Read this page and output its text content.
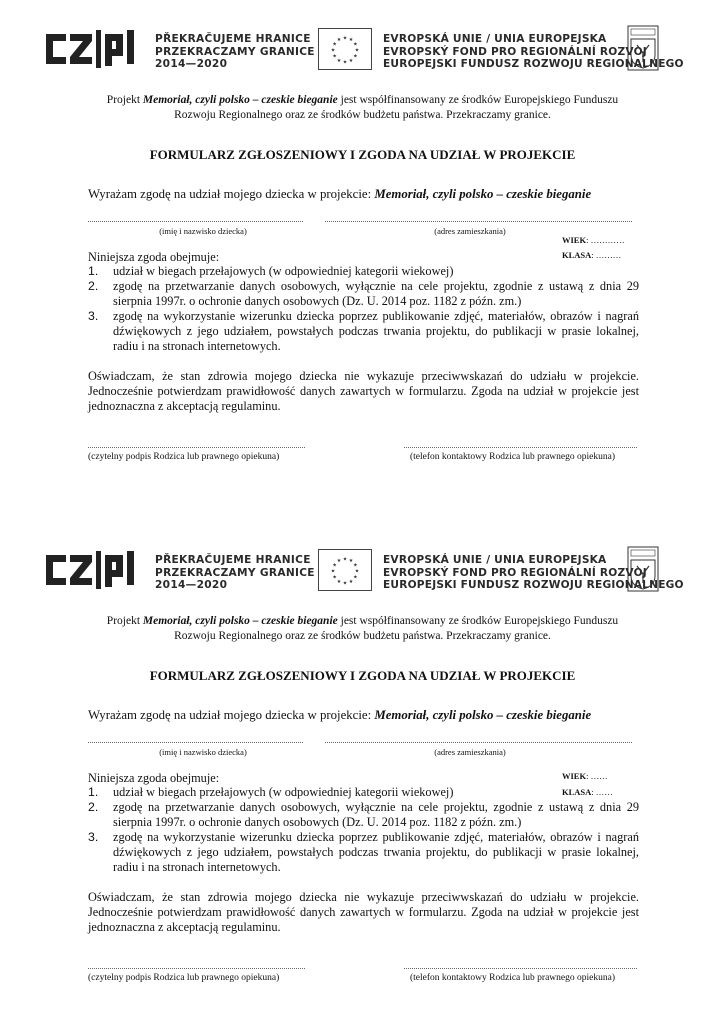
PŘEKRAČUJEME HRANICE
PRZEKRACZAMY GRANICE
2014—2020
★ ★
★
★
★
★
★
★
★
★
★
★	EVROPSKÁ UNIE / UNIA EUROPEJSKA
EVROPSKÝ FOND PRO REGIONÁLNÍ ROZVOJ
EUROPEJSKI FUNDUSZ ROZWOJU REGIONALNEGO
Projekt Memoriał, czyli polsko – czeskie bieganie jest współfinansowany ze środków Europejskiego Funduszu
Rozwoju Regionalnego oraz ze środków budżetu państwa. Przekraczamy granice.
FORMULARZ ZGŁOSZENIOWY I ZGODA NA UDZIAŁ W PROJEKCIE
Wyrażam zgodę na udział mojego dziecka w projekcie: Memoriał, czyli polsko – czeskie bieganie
(imię i nazwisko dziecka)	(adres zamieszkania)
WIEK: …………
KLASA: ………
Niniejsza zgoda obejmuje:
1. udział w biegach przełajowych (w odpowiedniej kategorii wiekowej)
2. zgodę na przetwarzanie danych osobowych, wyłącznie na cele projektu, zgodnie z ustawą z dnia 29 sierpnia 1997r. o ochronie danych osobowych (Dz. U. 2014 poz. 1182 z późn. zm.)
3. zgodę na wykorzystanie wizerunku dziecka poprzez publikowanie zdjęć, materiałów, obrazów i nagrań dźwiękowych z jego udziałem, powstałych podczas trwania projektu, do publikacji w prasie lokalnej, radiu i na stronach internetowych.
Oświadczam, że stan zdrowia mojego dziecka nie wykazuje przeciwwskazań do udziału w projekcie. Jednocześnie potwierdzam prawidłowość danych zawartych w formularzu. Zgoda na udział w projekcie jest jednoznaczna z akceptacją regulaminu.
(czytelny podpis Rodzica lub prawnego opiekuna)	(telefon kontaktowy Rodzica lub prawnego opiekuna)
PŘEKRAČUJEME HRANICE
PRZEKRACZAMY GRANICE
2014—2020
★ ★
★
★
★
★
★
★
★
★
★
★	EVROPSKÁ UNIE / UNIA EUROPEJSKA
EVROPSKÝ FOND PRO REGIONÁLNÍ ROZVOJ
EUROPEJSKI FUNDUSZ ROZWOJU REGIONALNEGO
Projekt Memoriał, czyli polsko – czeskie bieganie jest współfinansowany ze środków Europejskiego Funduszu
Rozwoju Regionalnego oraz ze środków budżetu państwa. Przekraczamy granice.
FORMULARZ ZGŁOSZENIOWY I ZGODA NA UDZIAŁ W PROJEKCIE
Wyrażam zgodę na udział mojego dziecka w projekcie: Memoriał, czyli polsko – czeskie bieganie
(imię i nazwisko dziecka)	(adres zamieszkania)
WIEK: ……
KLASA: ……
Niniejsza zgoda obejmuje:
1. udział w biegach przełajowych (w odpowiedniej kategorii wiekowej)
2. zgodę na przetwarzanie danych osobowych, wyłącznie na cele projektu, zgodnie z ustawą z dnia 29 sierpnia 1997r. o ochronie danych osobowych (Dz. U. 2014 poz. 1182 z późn. zm.)
3. zgodę na wykorzystanie wizerunku dziecka poprzez publikowanie zdjęć, materiałów, obrazów i nagrań dźwiękowych z jego udziałem, powstałych podczas trwania projektu, do publikacji w prasie lokalnej, radiu i na stronach internetowych.
Oświadczam, że stan zdrowia mojego dziecka nie wykazuje przeciwwskazań do udziału w projekcie. Jednocześnie potwierdzam prawidłowość danych zawartych w formularzu. Zgoda na udział w projekcie jest jednoznaczna z akceptacją regulaminu.
(czytelny podpis Rodzica lub prawnego opiekuna)	(telefon kontaktowy Rodzica lub prawnego opiekuna)
